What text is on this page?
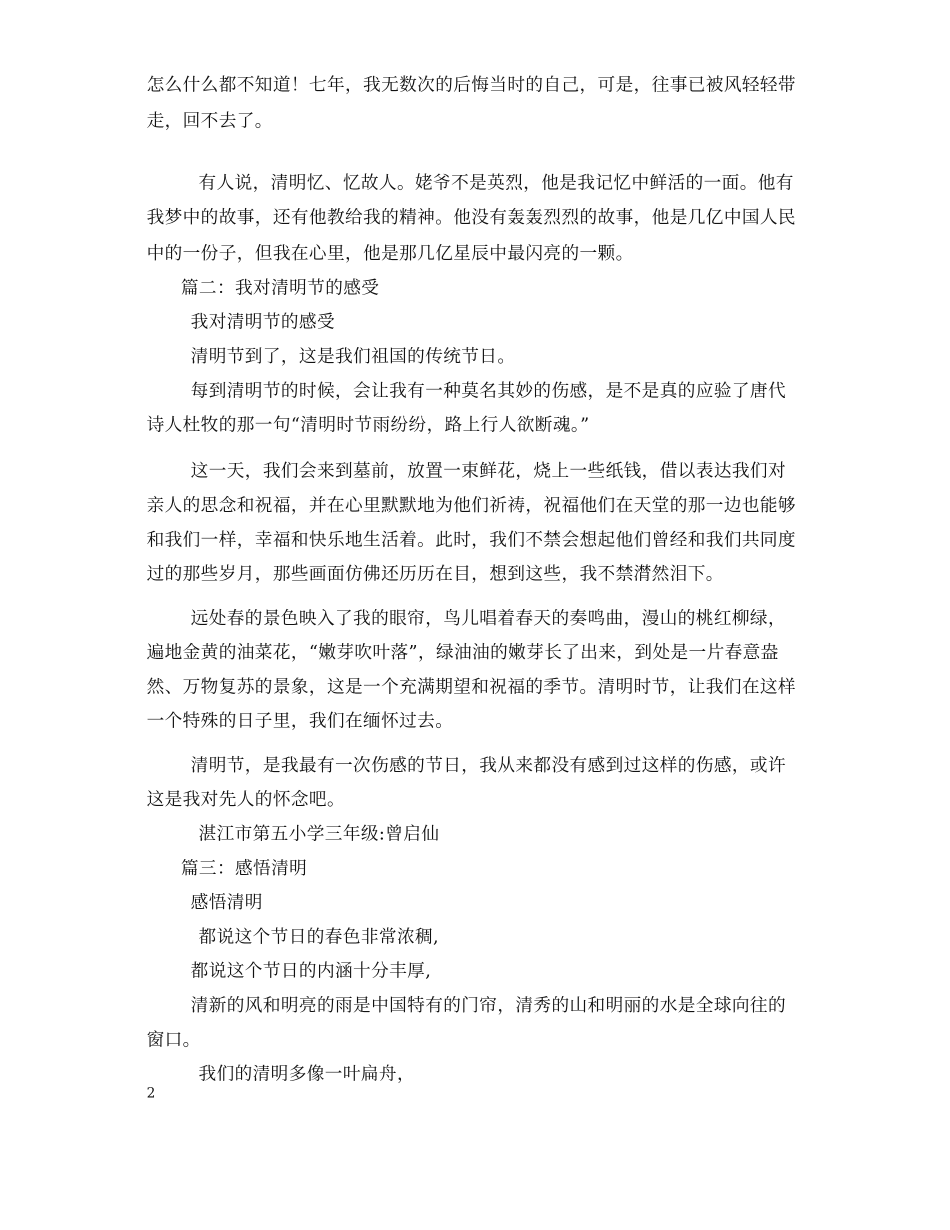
怎么什么都不知道！七年，我无数次的后悔当时的自己，可是，往事已被风轻轻带
走，回不去了。
有人说，清明忆、忆故人。姥爷不是英烈，他是我记忆中鲜活的一面。他有
我梦中的故事，还有他教给我的精神。他没有轰轰烈烈的故事，他是几亿中国人民
中的一份子，但我在心里，他是那几亿星辰中最闪亮的一颗。
篇二：我对清明节的感受
我对清明节的感受
清明节到了，这是我们祖国的传统节日。
每到清明节的时候，会让我有一种莫名其妙的伤感，是不是真的应验了唐代
诗人杜牧的那一句“清明时节雨纷纷，路上行人欲断魂。”
这一天，我们会来到墓前，放置一束鲜花，烧上一些纸钱，借以表达我们对
亲人的思念和祝福，并在心里默默地为他们祈祷，祝福他们在天堂的那一边也能够
和我们一样，幸福和快乐地生活着。此时，我们不禁会想起他们曾经和我们共同度
过的那些岁月，那些画面仿佛还历历在目，想到这些，我不禁潸然泪下。
远处春的景色映入了我的眼帘，鸟儿唱着春天的奏鸣曲，漫山的桃红柳绿，
遍地金黄的油菜花，“嫩芽吹叶落”，绿油油的嫩芽长了出来，到处是一片春意盎
然、万物复苏的景象，这是一个充满期望和祝福的季节。清明时节，让我们在这样
一个特殊的日子里，我们在缅怀过去。
清明节，是我最有一次伤感的节日，我从来都没有感到过这样的伤感，或许
这是我对先人的怀念吧。
湛江市第五小学三年级:曾启仙
篇三：感悟清明
感悟清明
都说这个节日的春色非常浓稠,
都说这个节日的内涵十分丰厚,
清新的风和明亮的雨是中国特有的门帘，清秀的山和明丽的水是全球向往的
窗口。
我们的清明多像一叶扁舟，
2
